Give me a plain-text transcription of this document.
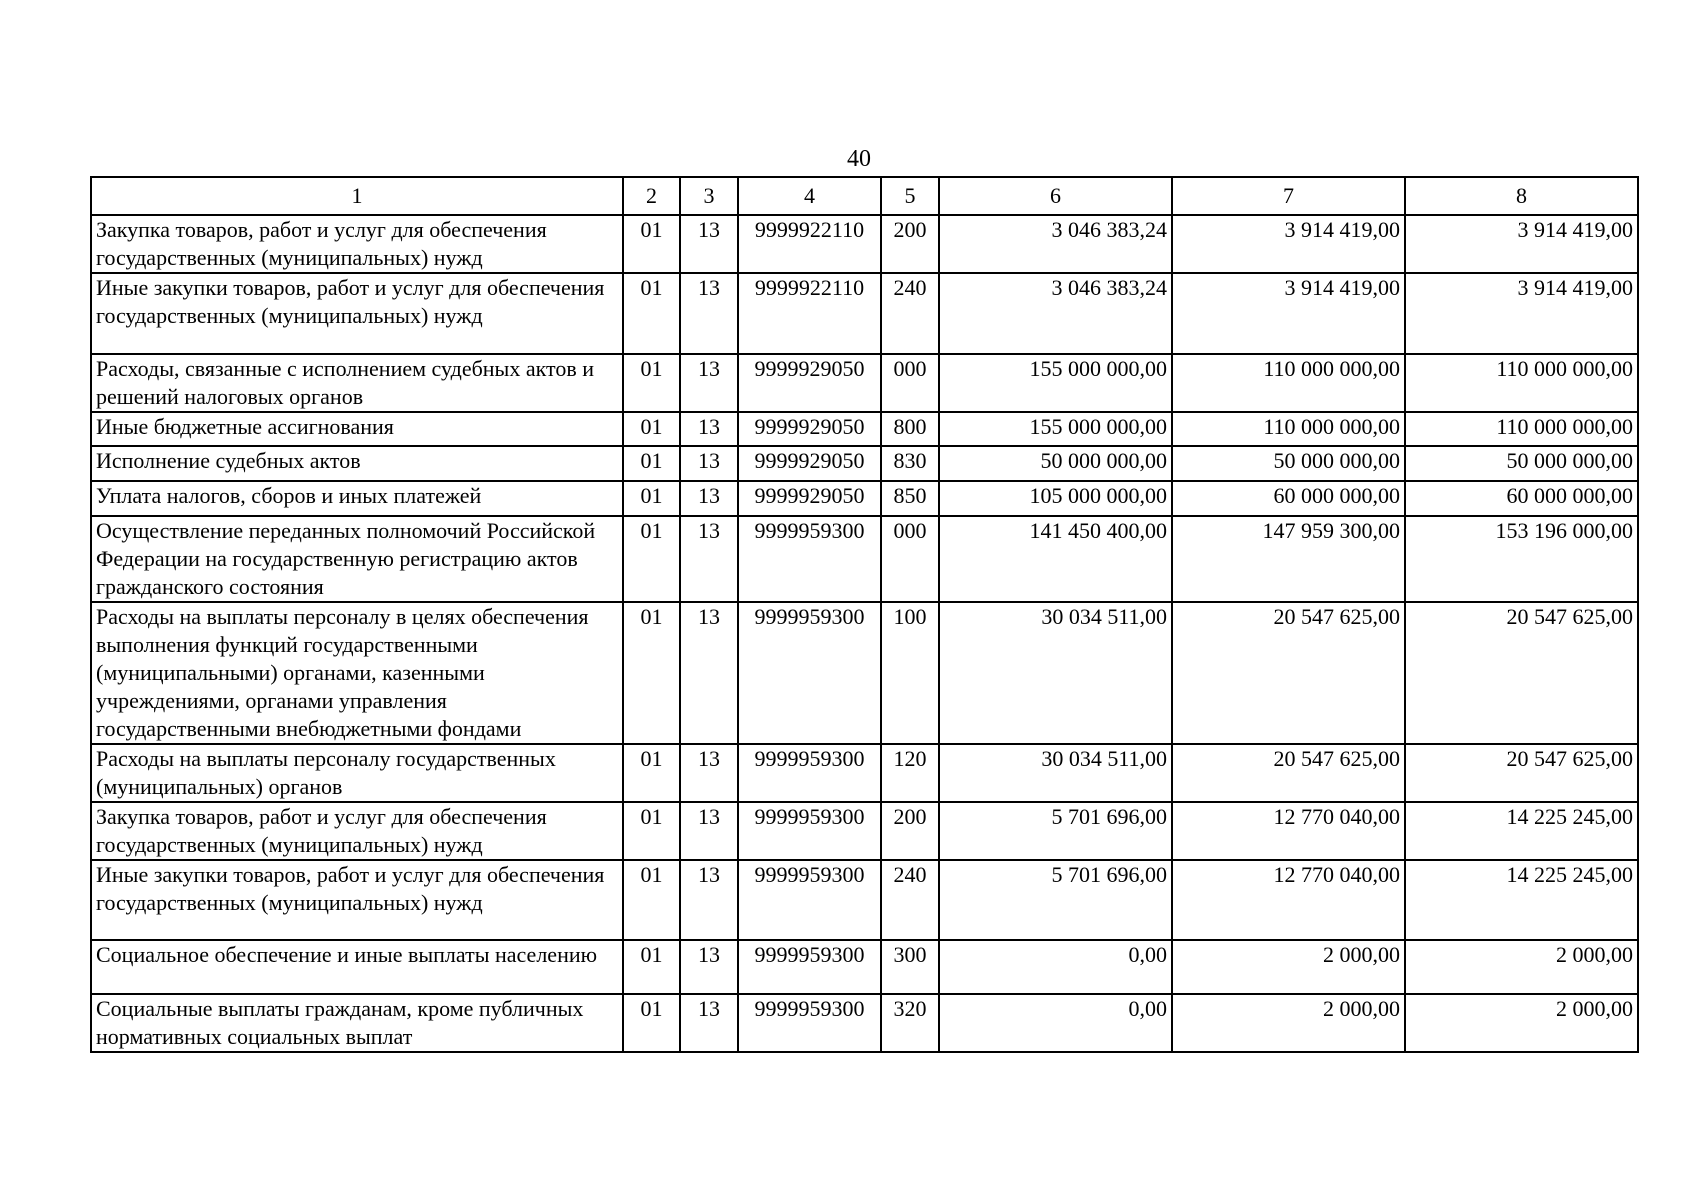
40
1	2	3	4	5	6	7	8
Закупка товаров, работ и услуг для обеспечения государственных (муниципальных) нужд	01	13	9999922110	200	3 046 383,24	3 914 419,00	3 914 419,00
Иные закупки товаров, работ и услуг для обеспечения государственных (муниципальных) нужд	01	13	9999922110	240	3 046 383,24	3 914 419,00	3 914 419,00
Расходы, связанные с исполнением судебных актов и решений налоговых органов	01	13	9999929050	000	155 000 000,00	110 000 000,00	110 000 000,00
Иные бюджетные ассигнования	01	13	9999929050	800	155 000 000,00	110 000 000,00	110 000 000,00
Исполнение судебных актов	01	13	9999929050	830	50 000 000,00	50 000 000,00	50 000 000,00
Уплата налогов, сборов и иных платежей	01	13	9999929050	850	105 000 000,00	60 000 000,00	60 000 000,00
Осуществление переданных полномочий Российской Федерации на государственную регистрацию актов гражданского состояния	01	13	9999959300	000	141 450 400,00	147 959 300,00	153 196 000,00
Расходы на выплаты персоналу в целях обеспечения выполнения функций государственными (муниципальными) органами, казенными учреждениями, органами управления государственными внебюджетными фондами	01	13	9999959300	100	30 034 511,00	20 547 625,00	20 547 625,00
Расходы на выплаты персоналу государственных (муниципальных) органов	01	13	9999959300	120	30 034 511,00	20 547 625,00	20 547 625,00
Закупка товаров, работ и услуг для обеспечения государственных (муниципальных) нужд	01	13	9999959300	200	5 701 696,00	12 770 040,00	14 225 245,00
Иные закупки товаров, работ и услуг для обеспечения государственных (муниципальных) нужд	01	13	9999959300	240	5 701 696,00	12 770 040,00	14 225 245,00
Социальное обеспечение и иные выплаты населению	01	13	9999959300	300	0,00	2 000,00	2 000,00
Социальные выплаты гражданам, кроме публичных нормативных социальных выплат	01	13	9999959300	320	0,00	2 000,00	2 000,00
